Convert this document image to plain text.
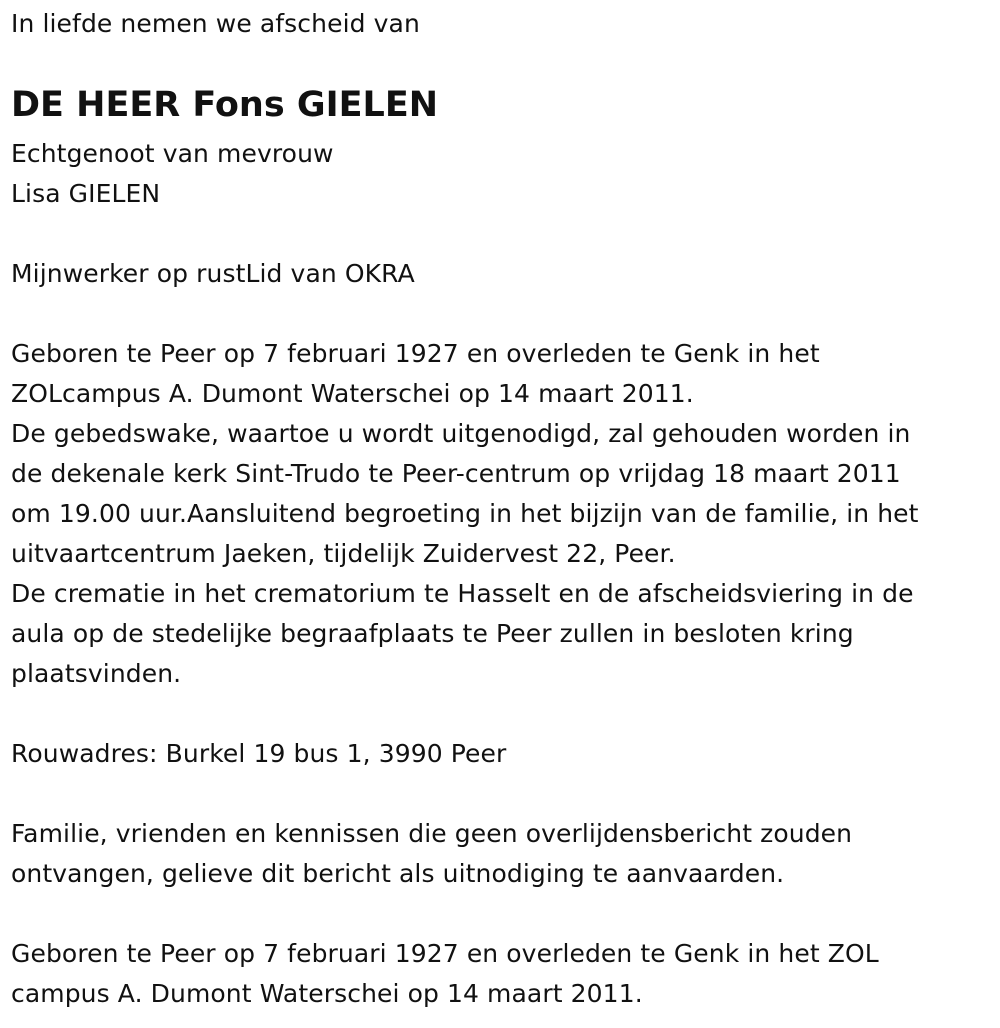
In liefde nemen we afscheid van
DE HEER Fons GIELEN
Echtgenoot van mevrouw
Lisa GIELEN
Mijnwerker op rustLid van OKRA
Geboren te Peer op 7 februari 1927 en overleden te Genk in het
ZOLcampus A. Dumont Waterschei op 14 maart 2011.
De gebedswake, waartoe u wordt uitgenodigd, zal gehouden worden in
de dekenale kerk Sint-Trudo te Peer-centrum op vrijdag 18 maart 2011
om 19.00 uur.Aansluitend begroeting in het bijzijn van de familie, in het
uitvaartcentrum Jaeken, tijdelijk Zuidervest 22, Peer.
De crematie in het crematorium te Hasselt en de afscheidsviering in de
aula op de stedelijke begraafplaats te Peer zullen in besloten kring
plaatsvinden.
Rouwadres: Burkel 19 bus 1, 3990 Peer
Familie, vrienden en kennissen die geen overlijdensbericht zouden
ontvangen, gelieve dit bericht als uitnodiging te aanvaarden.
Geboren te Peer op 7 februari 1927 en overleden te Genk in het ZOL
campus A. Dumont Waterschei op 14 maart 2011.
